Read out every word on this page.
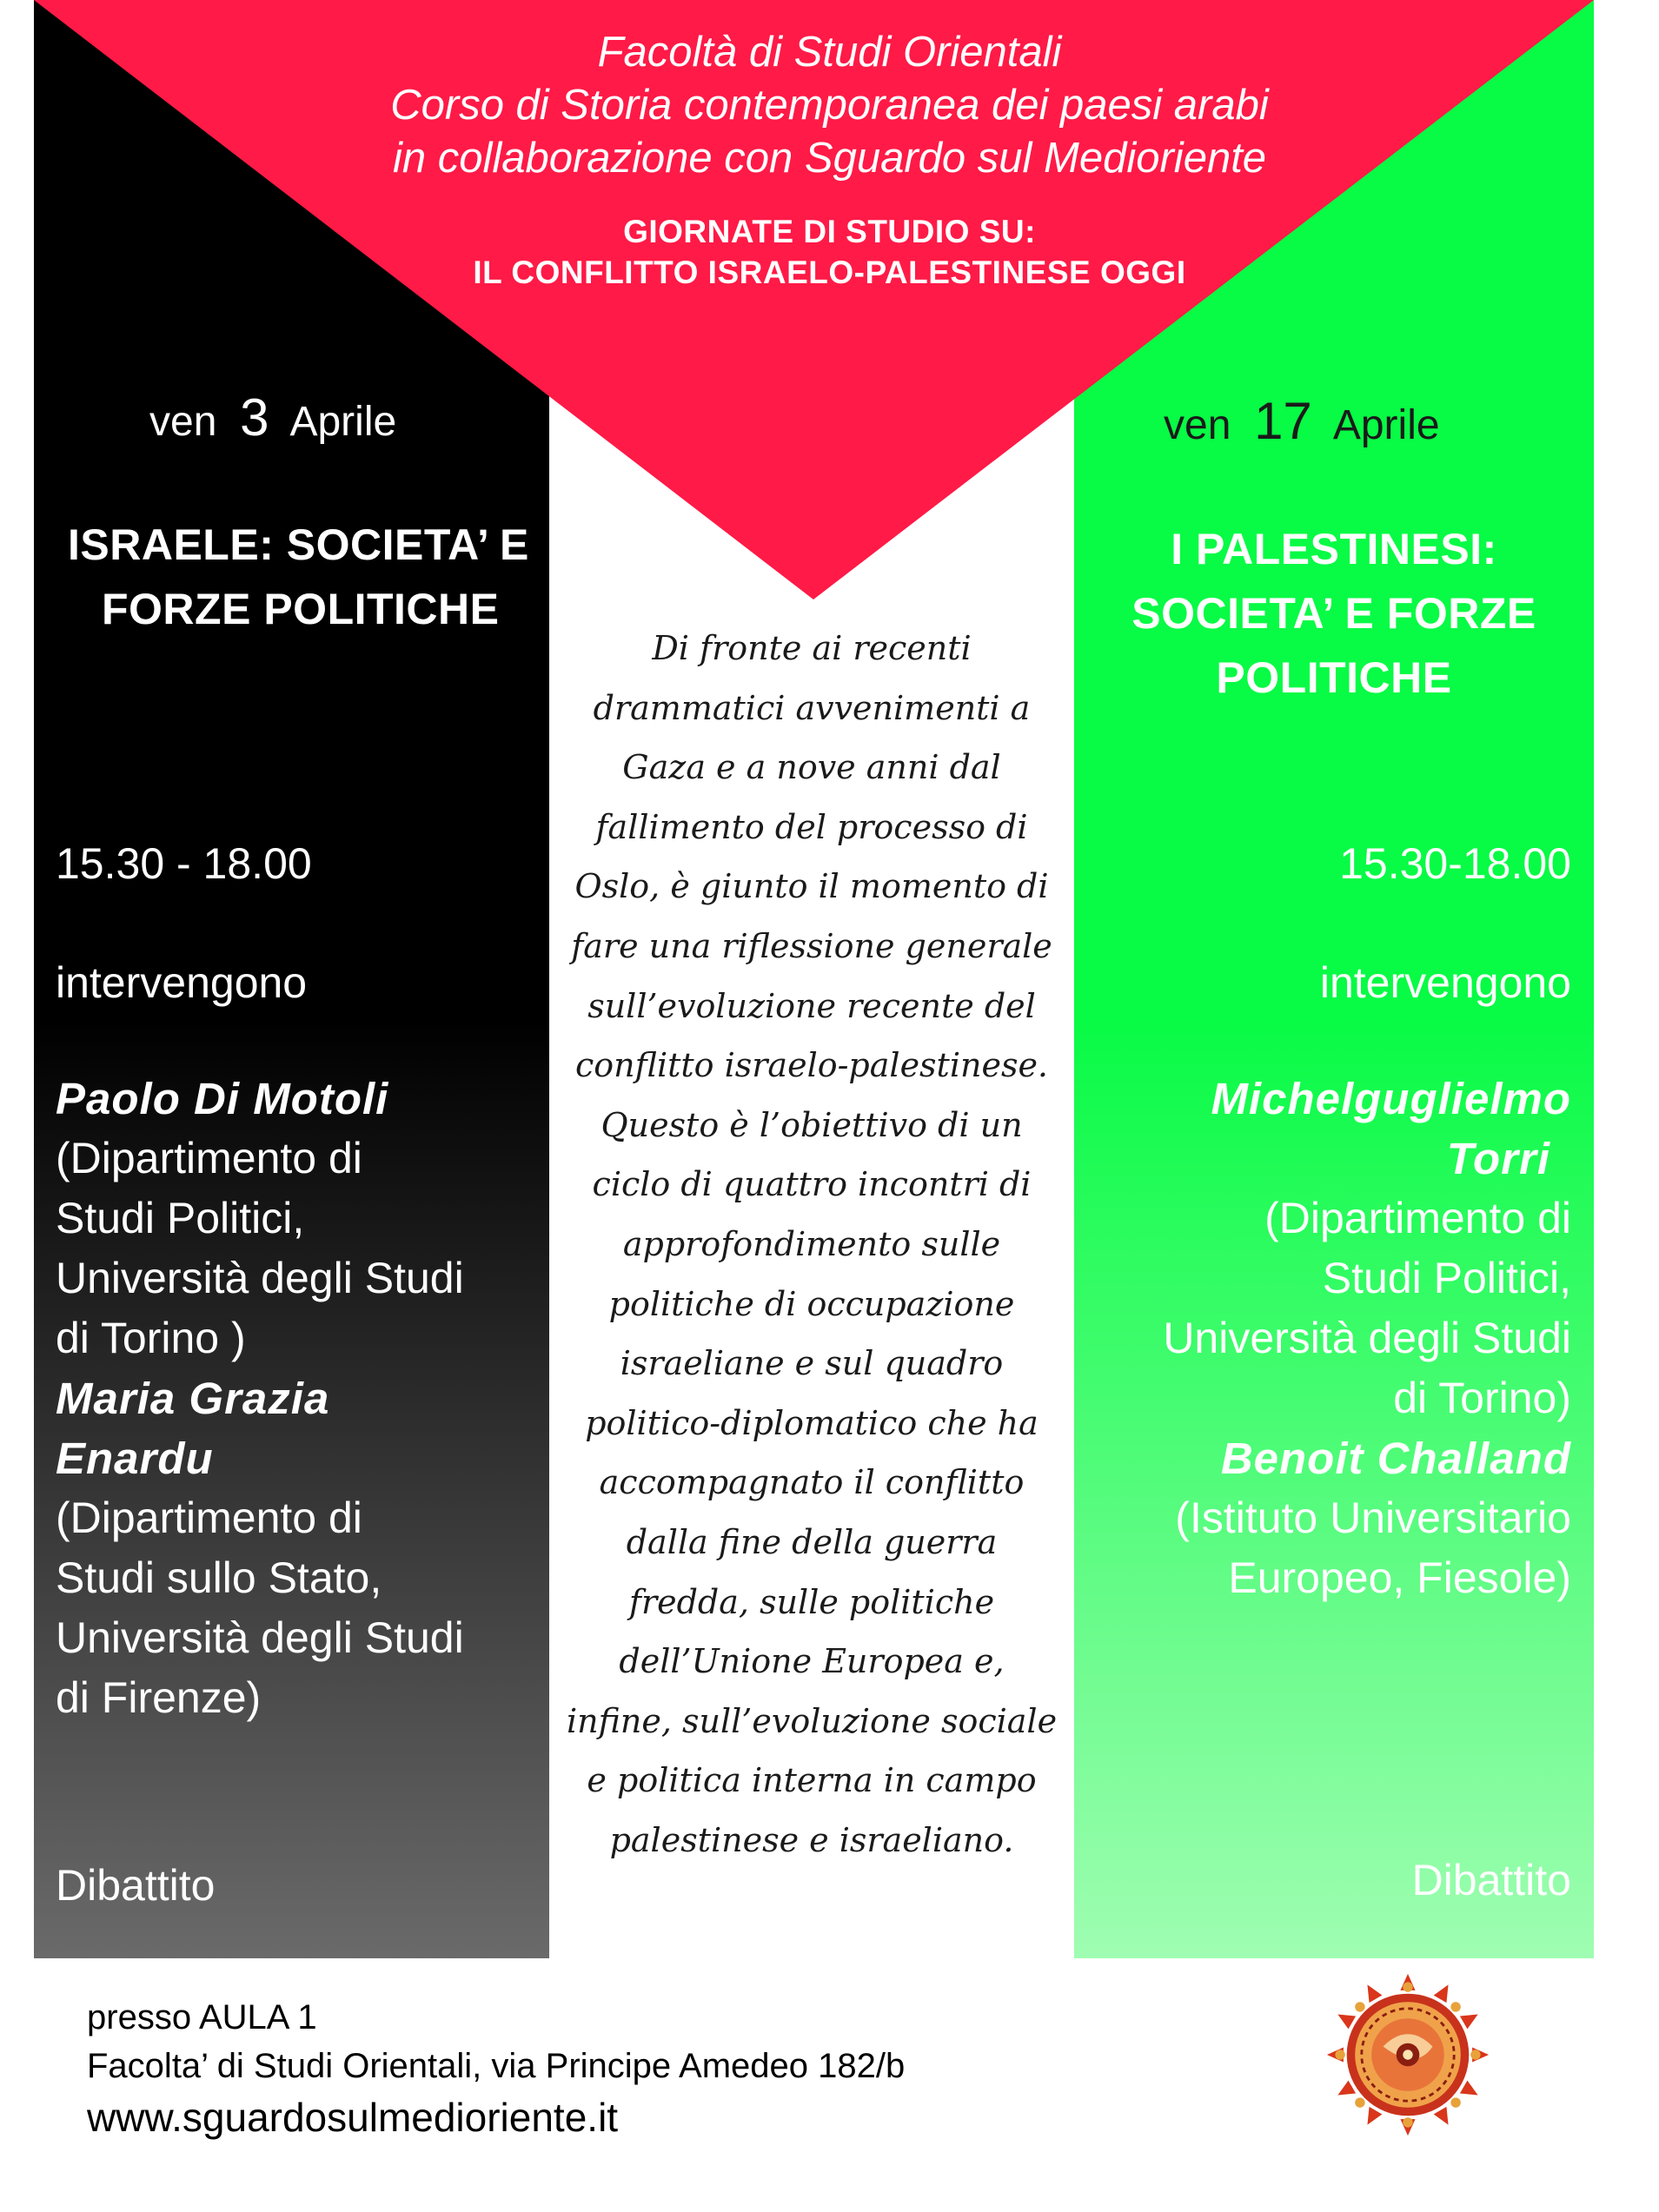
Facoltà di Studi Orientali
Corso di Storia contemporanea dei paesi arabi
in collaborazione con Sguardo sul Medioriente
GIORNATE DI STUDIO SU:
IL CONFLITTO ISRAELO-PALESTINESE OGGI
ven 3 Aprile
ISRAELE: SOCIETA’ E
FORZE POLITICHE
15.30 - 18.00
intervengono
Paolo Di Motoli
(Dipartimento di
Studi Politici,
Università degli Studi
di Torino )
Maria Grazia
Enardu
(Dipartimento di
Studi sullo Stato,
Università degli Studi
di Firenze)
Dibattito
ven 17 Aprile
I PALESTINESI:
SOCIETA’ E FORZE
POLITICHE
15.30-18.00
intervengono
Michelguglielmo
Torri
(Dipartimento di
Studi Politici,
Università degli Studi
di Torino)
Benoit Challand
(Istituto Universitario
Europeo, Fiesole)
Dibattito
Di fronte ai recenti
drammatici avvenimenti a
Gaza e a nove anni dal
fallimento del processo di
Oslo, è giunto il momento di
fare una riflessione generale
sull’evoluzione recente del
conflitto israelo-palestinese.
Questo è l’obiettivo di un
ciclo di quattro incontri di
approfondimento sulle
politiche di occupazione
israeliane e sul quadro
politico-diplomatico che ha
accompagnato il conflitto
dalla fine della guerra
fredda, sulle politiche
dell’Unione Europea e,
infine, sull’evoluzione sociale
e politica interna in campo
palestinese e israeliano.
presso AULA 1
Facolta’ di Studi Orientali, via Principe Amedeo 182/b
www.sguardosulmedioriente.it
